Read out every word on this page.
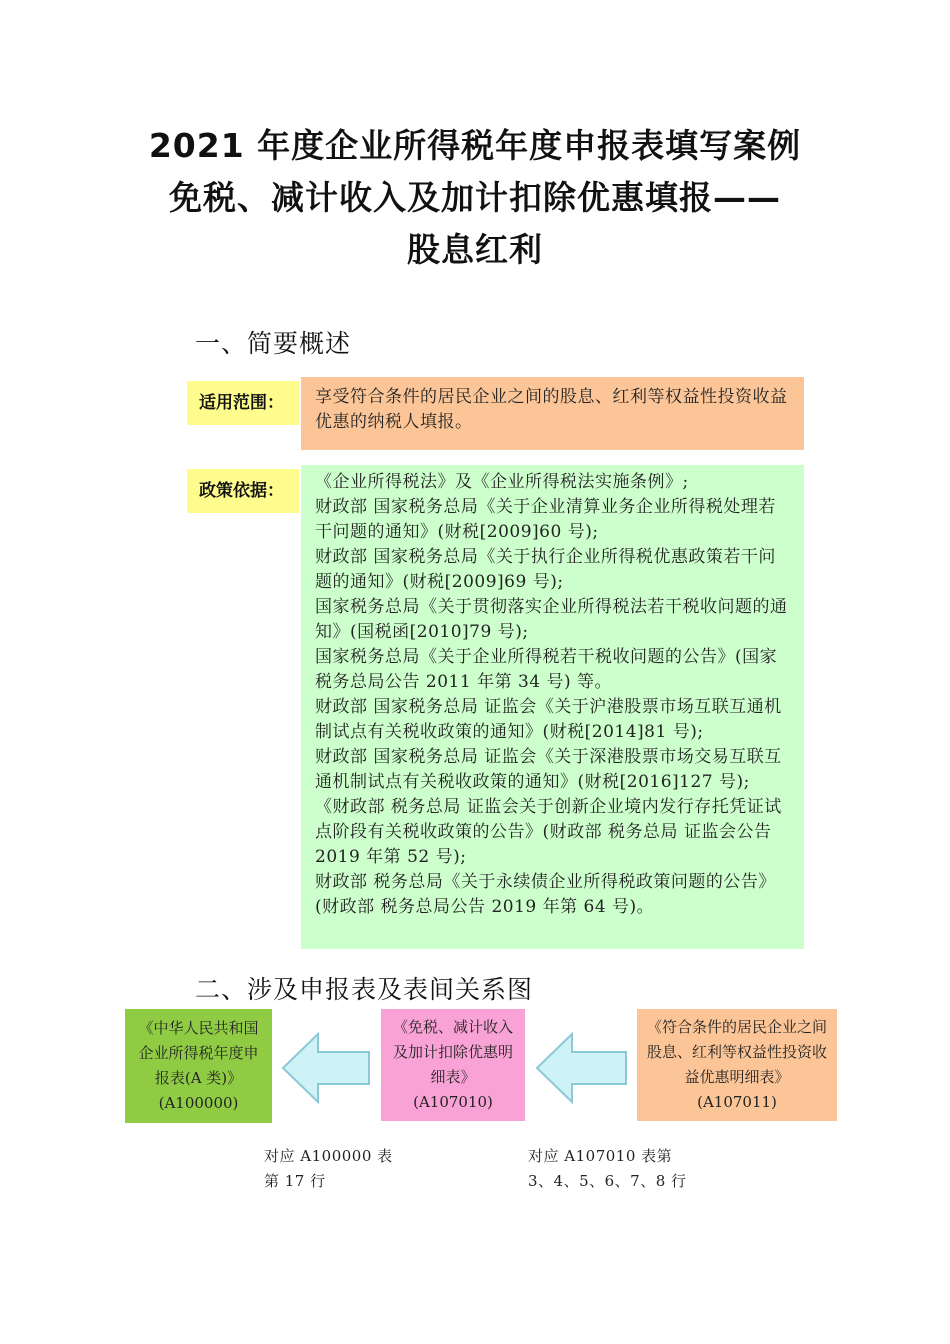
2021 年度企业所得税年度申报表填写案例
免税、减计收入及加计扣除优惠填报——
股息红利
一、简要概述
适用范围：	享受符合条件的居民企业之间的股息、红利等权益性投资收益优惠的纳税人填报。
政策依据：	《企业所得税法》及《企业所得税法实施条例》;

财政部 国家税务总局《关于企业清算业务企业所得税处理若干问题的通知》(财税[2009]60 号);

财政部 国家税务总局《关于执行企业所得税优惠政策若干问题的通知》(财税[2009]69 号);

国家税务总局《关于贯彻落实企业所得税法若干税收问题的通知》(国税函[2010]79 号);

国家税务总局《关于企业所得税若干税收问题的公告》(国家税务总局公告 2011 年第 34 号) 等。

财政部 国家税务总局 证监会《关于沪港股票市场互联互通机制试点有关税收政策的通知》(财税[2014]81 号);

财政部 国家税务总局 证监会《关于深港股票市场交易互联互通机制试点有关税收政策的通知》(财税[2016]127 号);

《财政部 税务总局 证监会关于创新企业境内发行存托凭证试点阶段有关税收政策的公告》(财政部 税务总局 证监会公告 2019 年第 52 号);

财政部 税务总局《关于永续债企业所得税政策问题的公告》(财政部 税务总局公告 2019 年第 64 号)。

二、涉及申报表及表间关系图
《中华人民共和国企业所得税年度申报表(A 类)》
(A100000)
《免税、减计收入及加计扣除优惠明细表》
(A107010)
《符合条件的居民企业之间股息、红利等权益性投资收益优惠明细表》
(A107011)
对应 A100000 表
第 17 行
对应 A107010 表第
3、4、5、6、7、8 行
